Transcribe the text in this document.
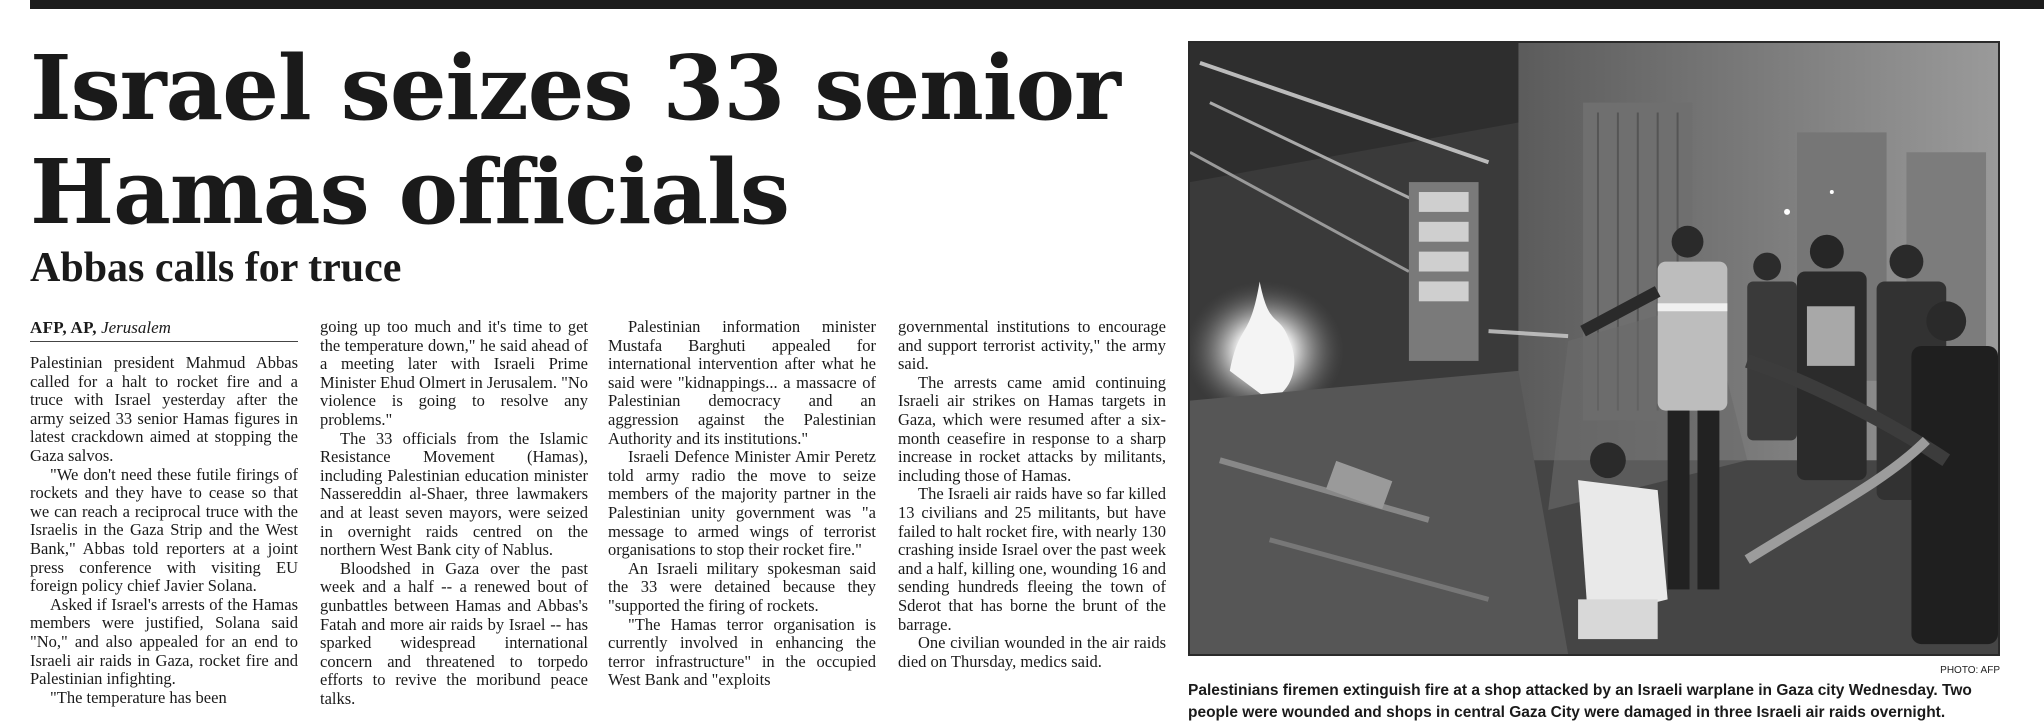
Israel seizes 33 senior Hamas officials
Abbas calls for truce
AFP, AP, Jerusalem

Palestinian president Mahmud Abbas called for a halt to rocket fire and a truce with Israel yesterday after the army seized 33 senior Hamas figures in latest crackdown aimed at stopping the Gaza salvos.

"We don't need these futile firings of rockets and they have to cease so that we can reach a reciprocal truce with the Israelis in the Gaza Strip and the West Bank," Abbas told reporters at a joint press conference with visiting EU foreign policy chief Javier Solana.

Asked if Israel's arrests of the Hamas members were justified, Solana said "No," and also appealed for an end to Israeli air raids in Gaza, rocket fire and Palestinian infighting.

"The temperature has been

going up too much and it's time to get the temperature down," he said ahead of a meeting later with Israeli Prime Minister Ehud Olmert in Jerusalem. "No violence is going to resolve any problems."

The 33 officials from the Islamic Resistance Movement (Hamas), including Palestinian education minister Nassereddin al-Shaer, three lawmakers and at least seven mayors, were seized in overnight raids centred on the northern West Bank city of Nablus.

Bloodshed in Gaza over the past week and a half -- a renewed bout of gunbattles between Hamas and Abbas's Fatah and more air raids by Israel -- has sparked widespread international concern and threatened to torpedo efforts to revive the moribund peace talks.

Palestinian information minister Mustafa Barghuti appealed for international intervention after what he said were "kidnappings... a massacre of Palestinian democracy and an aggression against the Palestinian Authority and its institutions."

Israeli Defence Minister Amir Peretz told army radio the move to seize members of the majority partner in the Palestinian unity government was "a message to armed wings of terrorist organisations to stop their rocket fire."

An Israeli military spokesman said the 33 were detained because they "supported the firing of rockets.

"The Hamas terror organisation is currently involved in enhancing the terror infrastructure" in the occupied West Bank and "exploits

governmental institutions to encourage and support terrorist activity," the army said.

The arrests came amid continuing Israeli air strikes on Hamas targets in Gaza, which were resumed after a six-month ceasefire in response to a sharp increase in rocket attacks by militants, including those of Hamas.

The Israeli air raids have so far killed 13 civilians and 25 militants, but have failed to halt rocket fire, with nearly 130 crashing inside Israel over the past week and a half, killing one, wounding 16 and sending hundreds fleeing the town of Sderot that has borne the brunt of the barrage.

One civilian wounded in the air raids died on Thursday, medics said.	PHOTO: AFP
Palestinians firemen extinguish fire at a shop attacked by an Israeli warplane in Gaza city Wednesday. Two people were wounded and shops in central Gaza City were damaged in three Israeli air raids overnight.
